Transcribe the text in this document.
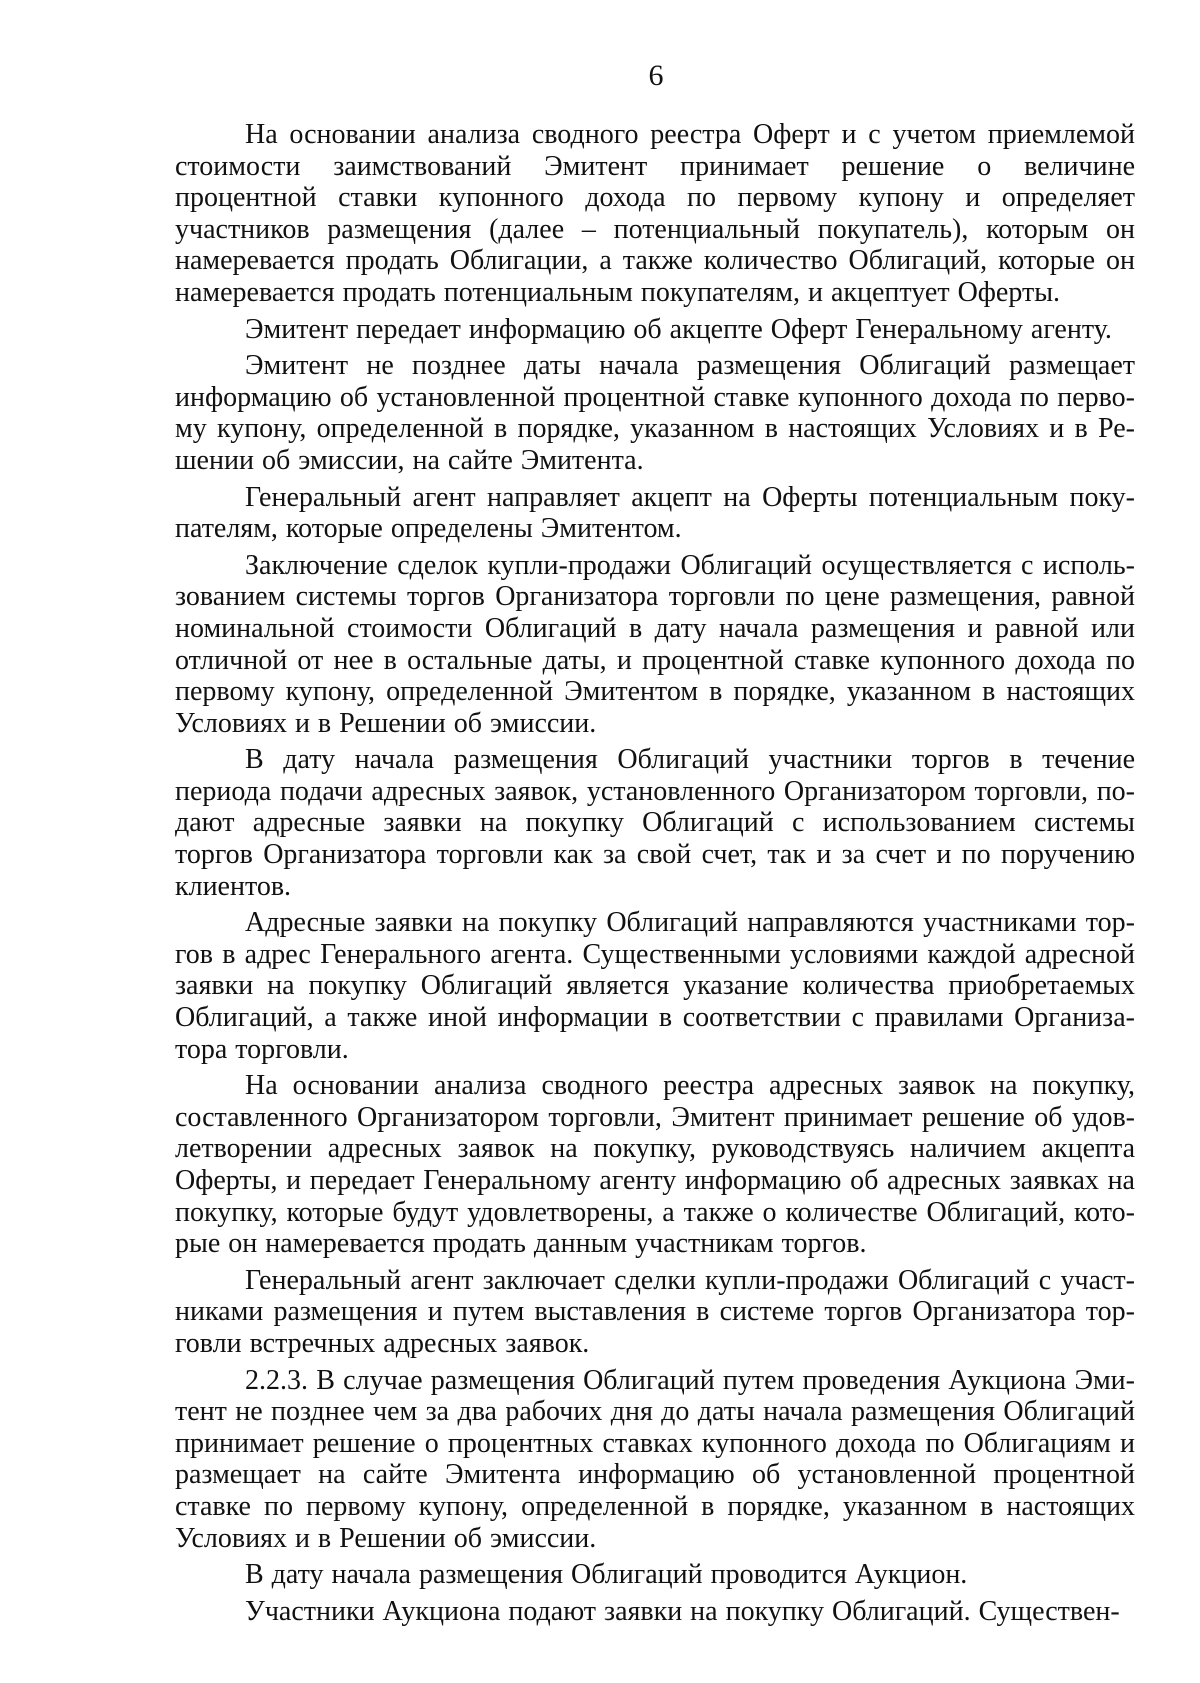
6

На основании анализа сводного реестра Оферт и с учетом приемлемой стоимости заимствований Эмитент принимает решение о величине процентной ставки купонного дохода по первому купону и определяет участников размещения (далее – потенциальный покупатель), которым он намеревается продать Облигации, а также количество Облигаций, которые он намеревается продать потенциальным покупателям, и акцептует Оферты.

Эмитент передает информацию об акцепте Оферт Генеральному агенту.

Эмитент не позднее даты начала размещения Облигаций размещает информацию об установленной процентной ставке купонного дохода по первому купону, определенной в порядке, указанном в настоящих Условиях и в Решении об эмиссии, на сайте Эмитента.

Генеральный агент направляет акцепт на Оферты потенциальным покупателям, которые определены Эмитентом.

Заключение сделок купли-продажи Облигаций осуществляется с использованием системы торгов Организатора торговли по цене размещения, равной номинальной стоимости Облигаций в дату начала размещения и равной или отличной от нее в остальные даты, и процентной ставке купонного дохода по первому купону, определенной Эмитентом в порядке, указанном в настоящих Условиях и в Решении об эмиссии.

В дату начала размещения Облигаций участники торгов в течение периода подачи адресных заявок, установленного Организатором торговли, подают адресные заявки на покупку Облигаций с использованием системы торгов Организатора торговли как за свой счет, так и за счет и по поручению клиентов.

Адресные заявки на покупку Облигаций направляются участниками торгов в адрес Генерального агента. Существенными условиями каждой адресной заявки на покупку Облигаций является указание количества приобретаемых Облигаций, а также иной информации в соответствии с правилами Организатора торговли.

На основании анализа сводного реестра адресных заявок на покупку, составленного Организатором торговли, Эмитент принимает решение об удовлетворении адресных заявок на покупку, руководствуясь наличием акцепта Оферты, и передает Генеральному агенту информацию об адресных заявках на покупку, которые будут удовлетворены, а также о количестве Облигаций, которые он намеревается продать данным участникам торгов.

Генеральный агент заключает сделки купли-продажи Облигаций с участниками размещения и путем выставления в системе торгов Организатора торговли встречных адресных заявок.

2.2.3. В случае размещения Облигаций путем проведения Аукциона Эмитент не позднее чем за два рабочих дня до даты начала размещения Облигаций принимает решение о процентных ставках купонного дохода по Облигациям и размещает на сайте Эмитента информацию об установленной процентной ставке по первому купону, определенной в порядке, указанном в настоящих Условиях и в Решении об эмиссии.

В дату начала размещения Облигаций проводится Аукцион.

Участники Аукциона подают заявки на покупку Облигаций. Существен-
